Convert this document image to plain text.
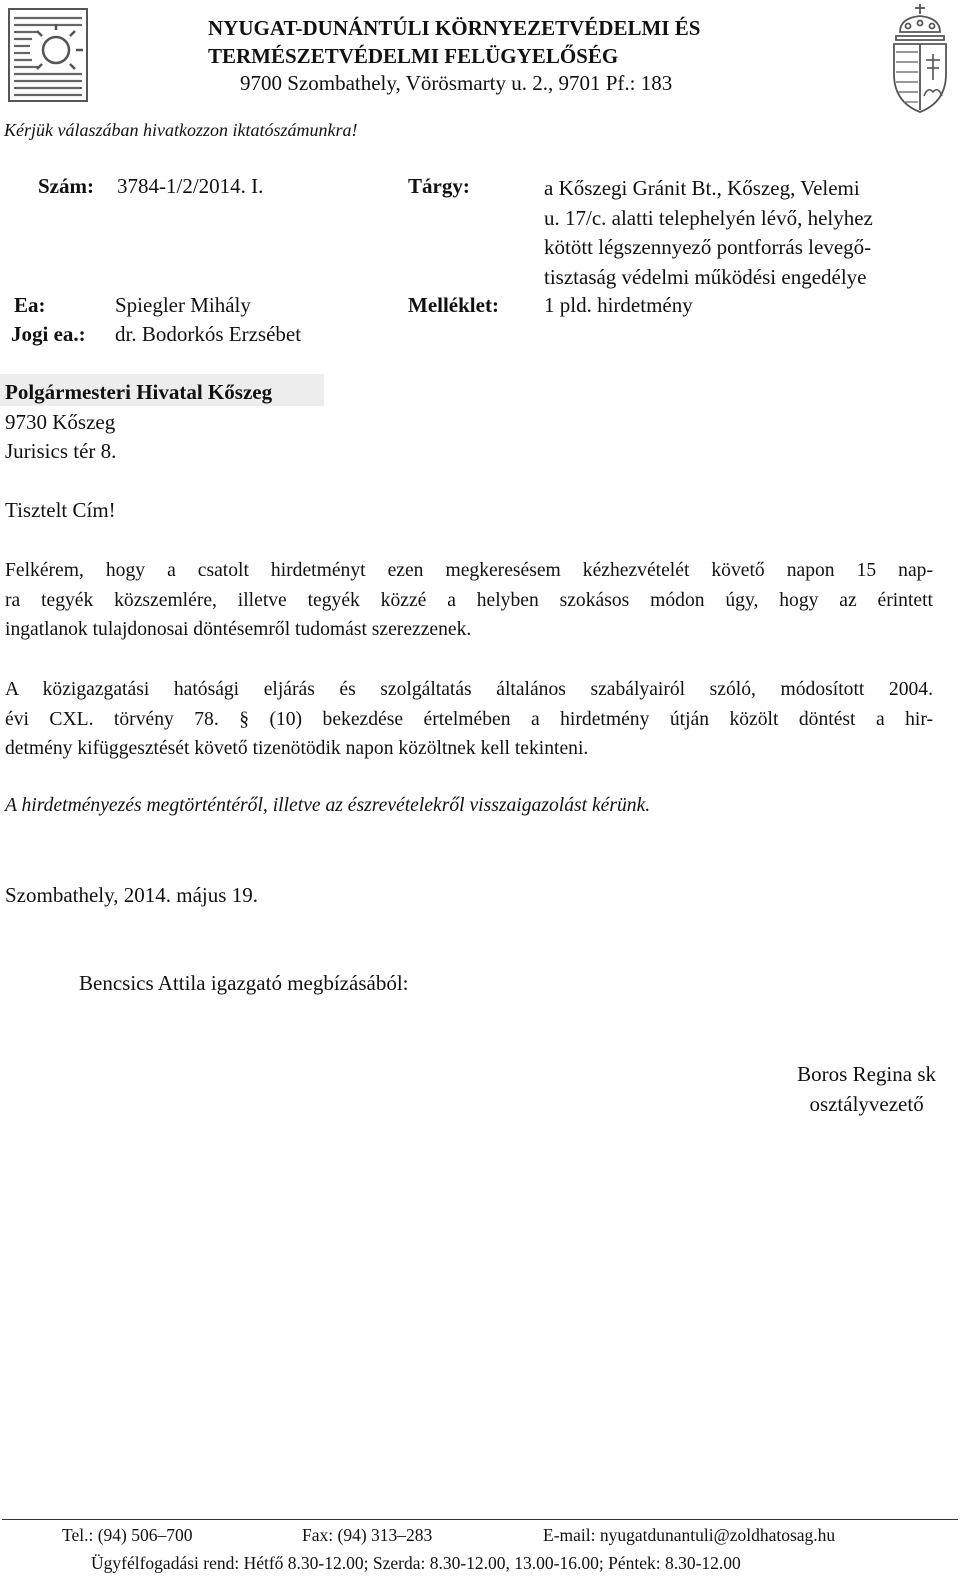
NYUGAT-DUNÁNTÚLI KÖRNYEZETVÉDELMI ÉS
TERMÉSZETVÉDELMI FELÜGYELŐSÉG
9700 Szombathely, Vörösmarty u. 2., 9701 Pf.: 183
Kérjük válaszában hivatkozzon iktatószámunkra!
Szám: 3784-1/2/2014. I.	Tárgy:	a Kőszegi Gránit Bt., Kőszeg, Velemi
u. 17/c. alatti telephelyén lévő, helyhez
kötött légszennyező pontforrás levegő-
tisztaság védelmi működési engedélye
Ea:	Spiegler Mihály	Melléklet: 1 pld. hirdetmény
Jogi ea.: dr. Bodorkós Erzsébet
Polgármesteri Hivatal Kőszeg
9730 Kőszeg
Jurisics tér 8.
Tisztelt Cím!
Felkérem, hogy a csatolt hirdetményt ezen megkeresésem kézhezvételét követő napon 15 nap-
ra tegyék közszemlére, illetve tegyék közzé a helyben szokásos módon úgy, hogy az érintett
ingatlanok tulajdonosai döntésemről tudomást szerezzenek.
A közigazgatási hatósági eljárás és szolgáltatás általános szabályairól szóló, módosított 2004.
évi CXL. törvény 78. § (10) bekezdése értelmében a hirdetmény útján közölt döntést a hir-
detmény kifüggesztését követő tizenötödik napon közöltnek kell tekinteni.
A hirdetményezés megtörténtéről, illetve az észrevételekről visszaigazolást kérünk.
Szombathely, 2014. május 19.
Bencsics Attila igazgató megbízásából:
Boros Regina sk
osztályvezető
Tel.: (94) 506–700	Fax: (94) 313–283	E-mail: nyugatdunantuli@zoldhatosag.hu
Ügyfélfogadási rend: Hétfő 8.30-12.00; Szerda: 8.30-12.00, 13.00-16.00; Péntek: 8.30-12.00
